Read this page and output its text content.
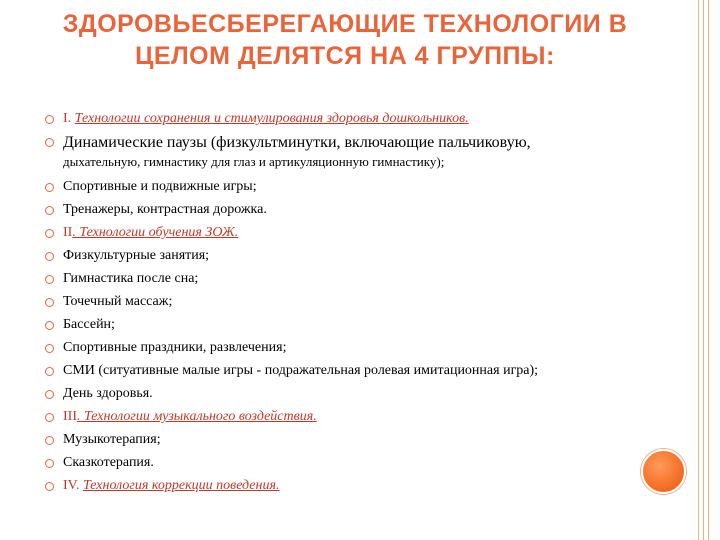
ЗДОРОВЬЕСБЕРЕГАЮЩИЕ ТЕХНОЛОГИИ В ЦЕЛОМ ДЕЛЯТСЯ НА 4 ГРУППЫ:
I. Технологии сохранения и стимулирования здоровья дошкольников.
Динамические паузы (физкультминутки, включающие пальчиковую,
дыхательную, гимнастику для глаз и артикуляционную гимнастику);
Спортивные и подвижные игры;
Тренажеры, контрастная дорожка.
II. Технологии обучения ЗОЖ.
Физкультурные занятия;
Гимнастика после сна;
Точечный массаж;
Бассейн;
Спортивные праздники, развлечения;
СМИ (ситуативные малые игры - подражательная ролевая имитационная игра);
День здоровья.
III. Технологии музыкального воздействия.
Музыкотерапия;
Сказкотерапия.
IV. Технология коррекции поведения.
